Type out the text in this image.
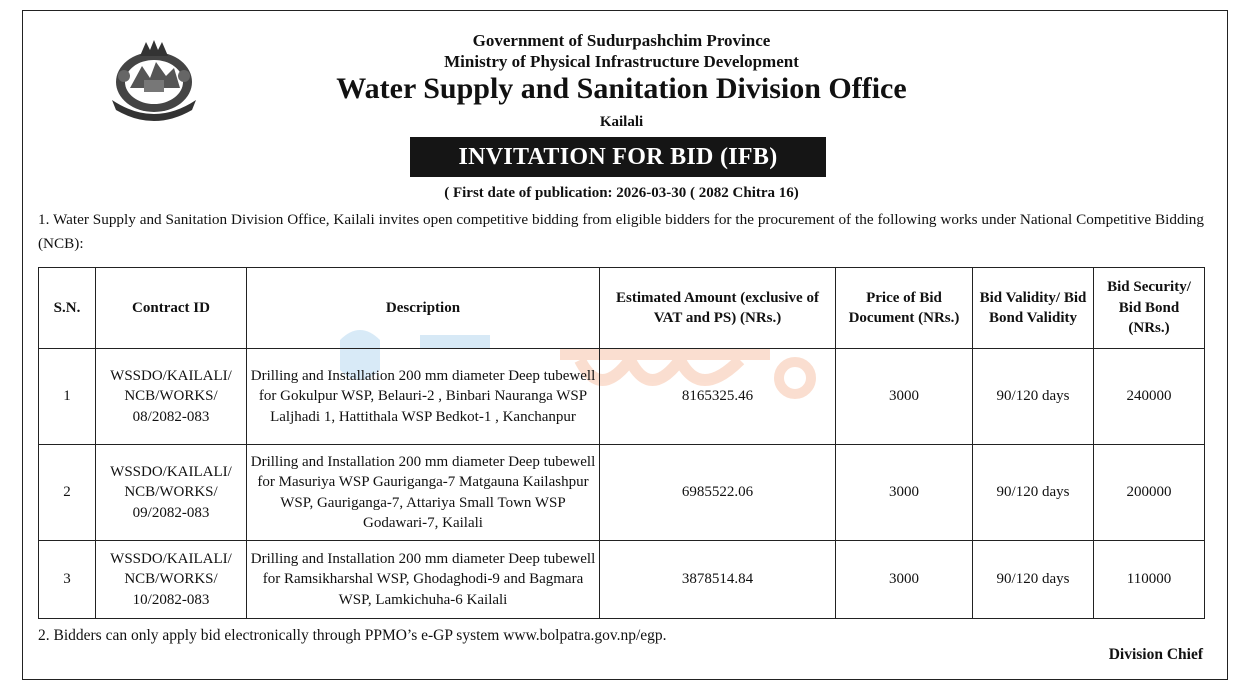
Government of Sudurpashchim Province
Ministry of Physical Infrastructure Development
Water Supply and Sanitation Division Office
Kailali
INVITATION FOR BID (IFB)
( First date of publication: 2026-03-30 ( 2082 Chitra 16)
1. Water Supply and Sanitation Division Office, Kailali invites open competitive bidding from eligible bidders for the procurement of the following works under National Competitive Bidding (NCB):
S.N.	Contract ID	Description	Estimated Amount (exclusive of VAT and PS) (NRs.)	Price of Bid Document (NRs.)	Bid Validity/ Bid Bond Validity	Bid Security/ Bid Bond (NRs.)
1	WSSDO/KAILALI/ NCB/WORKS/ 08/2082-083	Drilling and Installation 200 mm diameter Deep tubewell for Gokulpur WSP, Belauri-2 , Binbari Nauranga WSP Laljhadi 1, Hattithala WSP Bedkot-1 , Kanchanpur	8165325.46	3000	90/120 days	240000
2	WSSDO/KAILALI/ NCB/WORKS/ 09/2082-083	Drilling and Installation 200 mm diameter Deep tubewell for Masuriya WSP Gauriganga-7 Matgauna Kailashpur WSP, Gauriganga-7, Attariya Small Town WSP Godawari-7, Kailali	6985522.06	3000	90/120 days	200000
3	WSSDO/KAILALI/ NCB/WORKS/ 10/2082-083	Drilling and Installation 200 mm diameter Deep tubewell for Ramsikharshal WSP, Ghodaghodi-9 and Bagmara WSP, Lamkichuha-6 Kailali	3878514.84	3000	90/120 days	110000
2. Bidders can only apply bid electronically through PPMO’s e-GP system www.bolpatra.gov.np/egp.
Division Chief
